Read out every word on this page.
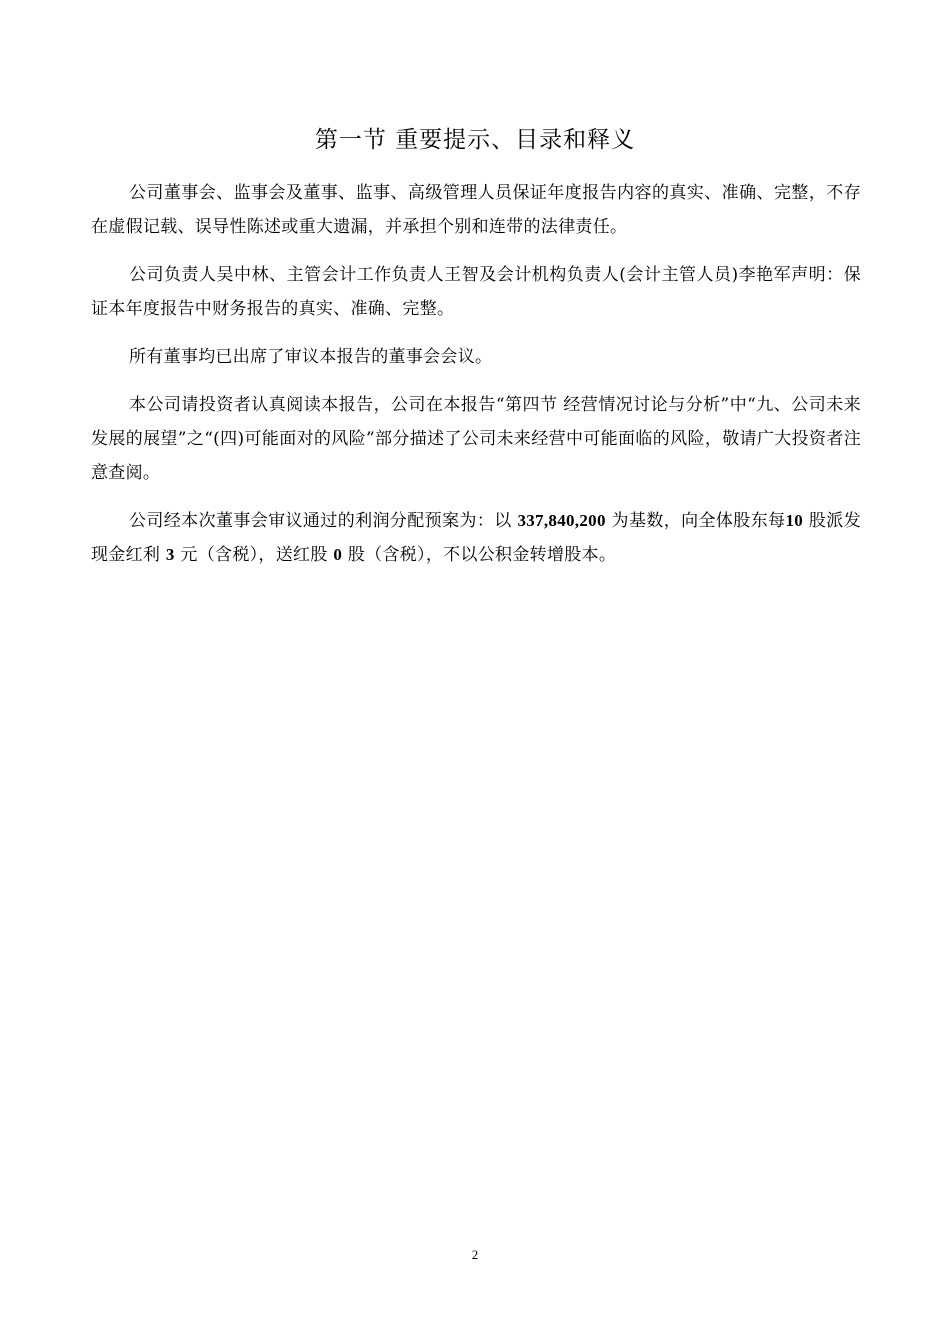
第一节 重要提示、目录和释义

公司董事会、监事会及董事、监事、高级管理人员保证年度报告内容的真实、准确、完整，不存在虚假记载、误导性陈述或重大遗漏，并承担个别和连带的法律责任。

公司负责人吴中林、主管会计工作负责人王智及会计机构负责人(会计主管人员)李艳军声明：保证本年度报告中财务报告的真实、准确、完整。

所有董事均已出席了审议本报告的董事会会议。

本公司请投资者认真阅读本报告，公司在本报告“第四节 经营情况讨论与分析”中“九、公司未来发展的展望”之“(四)可能面对的风险”部分描述了公司未来经营中可能面临的风险，敬请广大投资者注意查阅。

公司经本次董事会审议通过的利润分配预案为：以 337,840,200 为基数，向全体股东每10 股派发现金红利 3 元（含税），送红股 0 股（含税），不以公积金转增股本。

2
